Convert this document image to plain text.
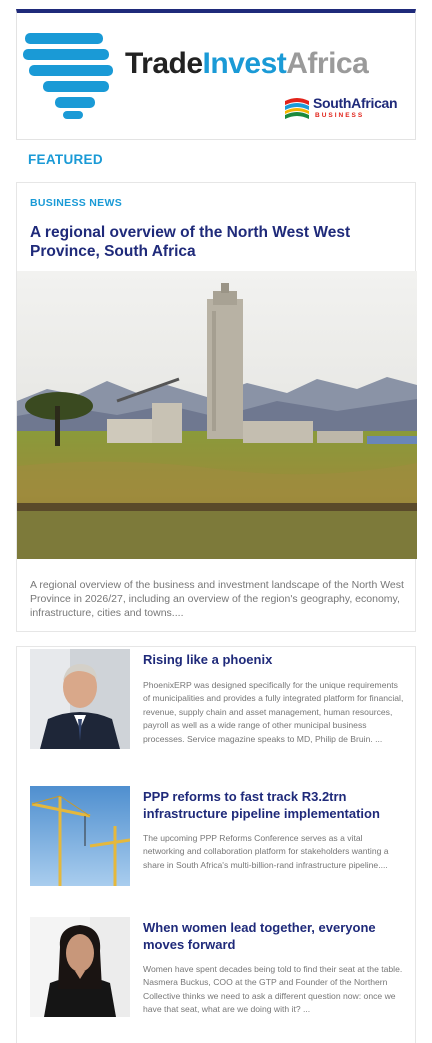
TradeInvestAfrica
SouthAfrican
BUSINESS
FEATURED
BUSINESS NEWS
A regional overview of the North West West Province, South Africa
A regional overview of the business and investment landscape of the North West Province in 2026/27, including an overview of the region's geography, economy, infrastructure, cities and towns....
Rising like a phoenix
PhoenixERP was designed specifically for the unique requirements of municipalities and provides a fully integrated platform for financial, revenue, supply chain and asset management, human resources, payroll as well as a wide range of other municipal business processes. Service magazine speaks to MD, Philip de Bruin. ...
PPP reforms to fast track R3.2trn infrastructure pipeline implementation
The upcoming PPP Reforms Conference serves as a vital networking and collaboration platform for stakeholders wanting a share in South Africa's multi-billion-rand infrastructure pipeline....
When women lead together, everyone moves forward
Women have spent decades being told to find their seat at the table. Nasmera Buckus, COO at the GTP and Founder of the Northern Collective thinks we need to ask a different question now: once we have that seat, what are we doing with it? ...
